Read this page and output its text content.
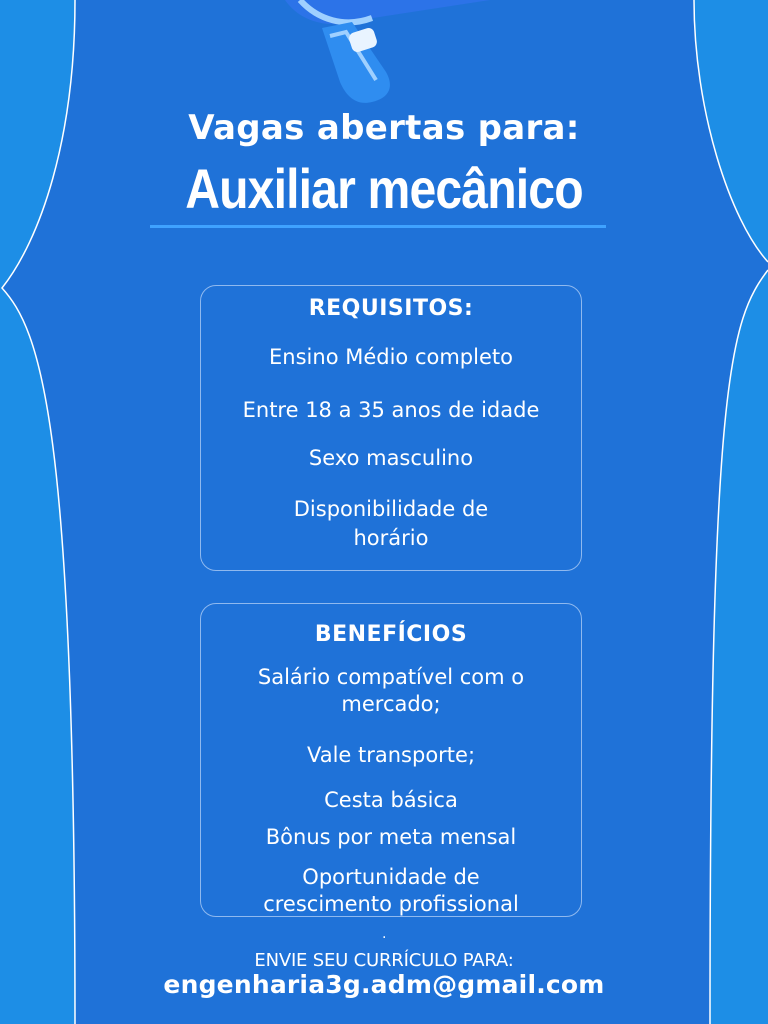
Vagas abertas para:
Auxiliar mecânico
REQUISITOS:
Ensino Médio completo
Entre 18 a 35 anos de idade
Sexo masculino
Disponibilidade de
horário
BENEFÍCIOS
Salário compatível com o
mercado;
Vale transporte;
Cesta básica
Bônus por meta mensal
Oportunidade de
crescimento profissional
.
ENVIE SEU CURRÍCULO PARA:
engenharia3g.adm@gmail.com
